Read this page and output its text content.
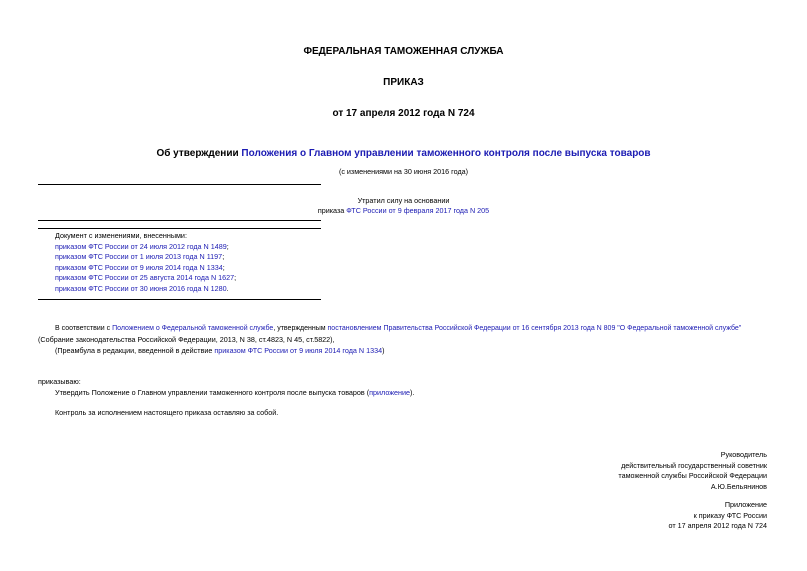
ФЕДЕРАЛЬНАЯ ТАМОЖЕННАЯ СЛУЖБА
ПРИКАЗ
от 17 апреля 2012 года N 724
Об утверждении Положения о Главном управлении таможенного контроля после выпуска товаров
(с изменениями на 30 июня 2016 года)
Утратил силу на основании
приказа ФТС России от 9 февраля 2017 года N 205
Документ с изменениями, внесенными:
приказом ФТС России от 24 июля 2012 года N 1489;
приказом ФТС России от 1 июля 2013 года N 1197;
приказом ФТС России от 9 июля 2014 года N 1334;
приказом ФТС России от 25 августа 2014 года N 1627;
приказом ФТС России от 30 июня 2016 года N 1280.
В соответствии с Положением о Федеральной таможенной службе, утвержденным постановлением Правительства Российской Федерации от 16 сентября 2013 года N 809 "О Федеральной таможенной службе"
(Собрание законодательства Российской Федерации, 2013, N 38, ст.4823, N 45, ст.5822),
(Преамбула в редакции, введенной в действие приказом ФТС России от 9 июля 2014 года N 1334)
приказываю:
Утвердить Положение о Главном управлении таможенного контроля после выпуска товаров (приложение).
Контроль за исполнением настоящего приказа оставляю за собой.
Руководитель
действительный государственный советник
таможенной службы Российской Федерации
А.Ю.Бельянинов
Приложение
к приказу ФТС России
от 17 апреля 2012 года N 724
